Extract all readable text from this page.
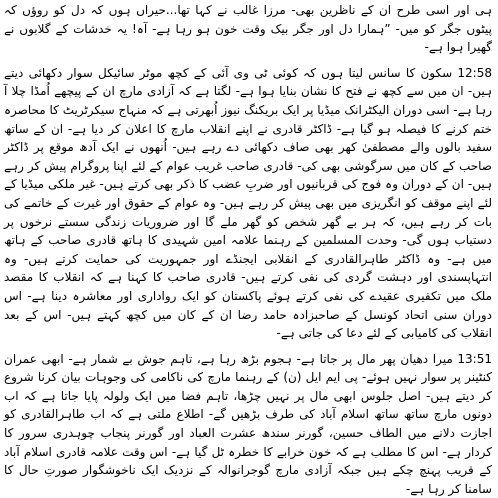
ہی اور اسی طرح ان کے ناظرین بھی- مرزا غالب نے کہا تھا...حیراں ہوں کہ دل کو روؤں کہ پیٹوں جگر کو میں- ”ہمارا دل اور جگر بیک وقت خون ہو رہا ہے- آہ! یہ خدشات کے گلابوں نے گھیرا ہوا ہے-

12:58 سکون کا سانس لیتا ہوں کہ کوئی ٹی وی آئی کے کچھ موٹر سائیکل سوار دکھائی دیتے ہیں- ان میں سے کچھ نے فتح کا نشان بنایا ہوا ہے- لگتا ہے کہ آزادی مارچ ان کے پیچھے اُمڈا چلا آ رہا ہے- اسی دوران الیکٹرانک میڈیا پر ایک بریکنگ نیوز اُبھرتی ہے کہ منہاج سیکرٹریٹ کا محاصرہ ختم کرنے کا فیصلہ ہو گیا ہے- ڈاکٹر قادری نے اپنے انقلاب مارچ کا اعلان کر دیا ہے- ان کے ساتھ سفید بالوں والے مصطفیٰ کھر بھی صاف دکھائی دے رہے ہیں- اُنھوں نے ایک آدھ موقع پر ڈاکٹر صاحب کے کان میں سرگوشی بھی کی- قادری صاحب غریب عوام کے لئے اپنا پروگرام پیش کر رہے ہیں- ان کے دوران وہ فوج کی قربانیوں اور ضربِ عضب کا ذکر بھی کرتے ہیں- غیر ملکی میڈیا کے لئے اپنے موقف کو انگریزی میں بھی پیش کر رہے ہیں- وہ عوام کے حقوق اور غیرت کے خاتمے کی بات کر رہے ہیں، کہ ہر بے گھر شخص کو گھر ملے گا اور ضروریات زندگی سستے نرخوں پر دستیاب ہوں گی- وحدت المسلمین کے رہنما علامہ امین شہیدی کا ہاتھ قادری صاحب کے ہاتھ میں ہے- وہ ڈاکٹر طاہرالقادری کے انقلابی ایجنڈے اور جمہوریت کی حمایت کرتے ہیں- وہ انتہاپسندی اور دہشت گردی کی نفی کرتے ہیں- قادری صاحب کا کہنا ہے کہ انقلاب کا مقصد ملک میں تکفیری عقیدے کی نفی کرتے ہوئے پاکستان کو ایک رواداری اور معاشرہ دینا ہے- اس دوران سنی اتحاد کونسل کے صاحبزادہ حامد رضا ان کے کان میں کچھ کہتے ہیں- اس کے بعد انقلاب کی کامیابی کے لئے دعا کی جاتی ہے-

13:51 میرا دھیان پھر مال پر جاتا ہے- ہجوم بڑھ رہا ہے، تاہم جوش بے شمار ہے- ابھی عمران کنٹینر پر سوار نہیں ہوئے- پی ایم ایل (ن) کے رہنما مارچ کی ناکامی کی وجوہات بیان کرنا شروع کر دیتے ہیں- اصل جلوس ابھی مال پر نہیں چڑھا، تاہم فضا میں ایک ولولہ پایا جاتا ہے کہ اب دونوں مارچ ساتھ ساتھ اسلام آباد کی طرف بڑھیں گے- اطلاع ملتی ہے کہ اب طاہرالقادری کو اجازت دلانے میں الطاف حسین، گورنر سندھ عشرت العباد اور گورنر پنجاب چوہدری سرور کا کردار ہے- اس کا مطلب ہے کہ خون خرابے کا خطرہ ٹل گیا ہے- اس وقت علامہ قادری اسلام آباد کے قریب پہنچ چکے ہیں جبکہ آزادی مارچ گوجرانوالہ کے نزدیک ایک ناخوشگوار صورتِ حال کا سامنا کر رہا ہے-
